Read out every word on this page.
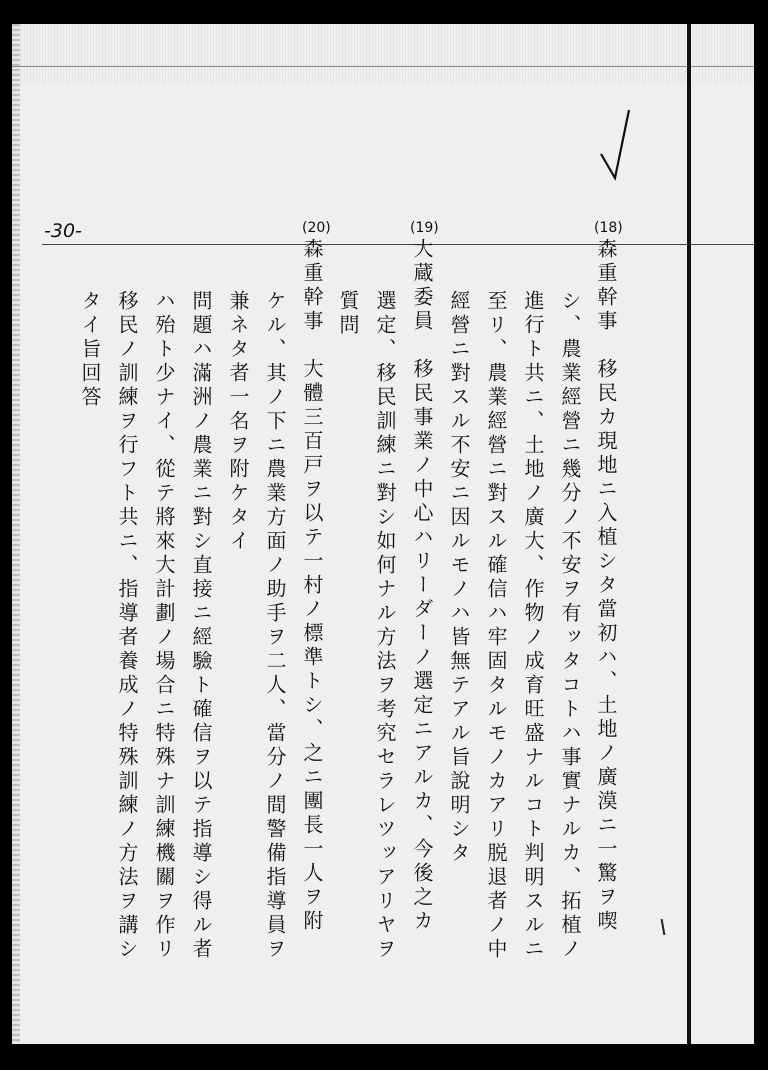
-30-	(18)
(19)
(20)
森重幹事　移民カ現地ニ入植シタ當初ハ、土地ノ廣漠ニ一驚ヲ喫
シ、農業經營ニ幾分ノ不安ヲ有ッタコトハ事實ナルカ、拓植ノ
進行ト共ニ、土地ノ廣大、作物ノ成育旺盛ナルコト判明スルニ
至リ、農業經營ニ對スル確信ハ牢固タルモノカアリ脱退者ノ中
經營ニ對スル不安ニ因ルモノハ皆無テアル旨說明シタ
大蔵委員　移民事業ノ中心ハリーダーノ選定ニアルカ、今後之カ
選定、移民訓練ニ對シ如何ナル方法ヲ考究セラレツッアリヤヲ
質問
森重幹事　大體三百戸ヲ以テ一村ノ標準トシ、之ニ團長一人ヲ附
ケル、其ノ下ニ農業方面ノ助手ヲ二人、當分ノ間警備指導員ヲ
兼ネタ者一名ヲ附ケタイ
問題ハ滿洲ノ農業ニ對シ直接ニ經驗ト確信ヲ以テ指導シ得ル者
ハ殆ト少ナイ、從テ將來大計劃ノ場合ニ特殊ナ訓練機關ヲ作リ
移民ノ訓練ヲ行フト共ニ、指導者養成ノ特殊訓練ノ方法ヲ講シ
タイ旨回答
